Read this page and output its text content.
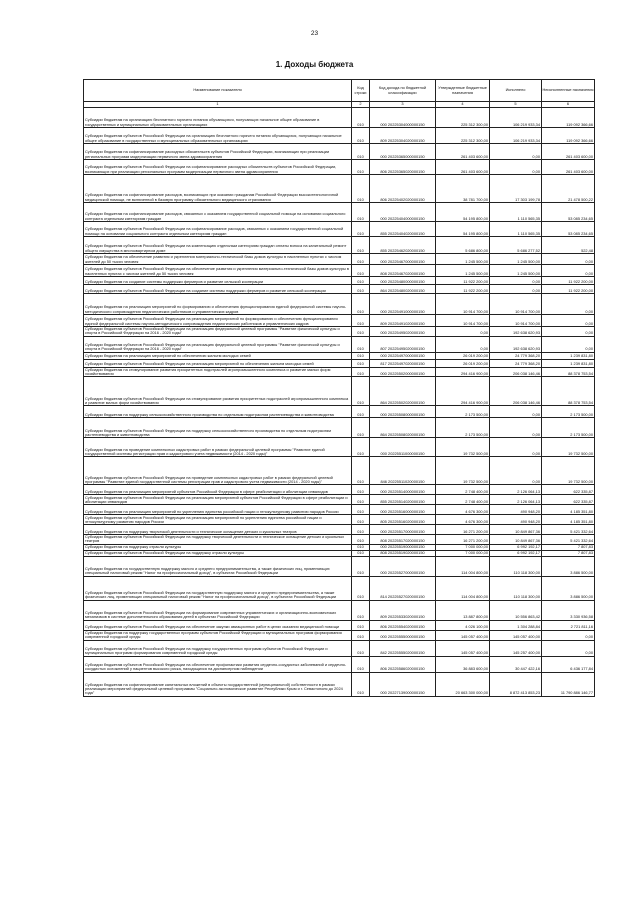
23
1. Доходы бюджета
Наименование показателя	Код строки	Код дохода по бюджетной классификации	Утвержденные бюджетные назначения	Исполнено	Неисполненные назначения
1	2	3	4	5	6
Субсидии бюджетам на организацию бесплатного горячего питания обучающихся, получающих начальное общее образование в государственных и муниципальных образовательных организациях	010	000 20225304000000150	225 312 300,00	106 219 933,34	119 092 366,66
Субсидии бюджетам субъектов Российской Федерации на организацию бесплатного горячего питания обучающихся, получающих начальное общее образование в государственных и муниципальных образовательных организациях	010	809 20225304020000150	225 312 300,00	106 219 933,34	119 092 366,66
Субсидии бюджетам на софинансирование расходных обязательств субъектов Российской Федерации, возникающих при реализации региональных программ модернизации первичного звена здравоохранения	010	000 20225365000000150	261 403 600,00	0,00	261 403 600,00
Субсидии бюджетам субъектов Российской Федерации на софинансирование расходных обязательств субъектов Российской Федерации, возникающих при реализации региональных программ модернизации первичного звена здравоохранения	010	806 20225365020000150	261 403 600,00	0,00	261 403 600,00
Субсидии бюджетам на софинансирование расходов, возникающих при оказании гражданам Российской Федерации высокотехнологичной медицинской помощи, не включенной в базовую программу обязательного медицинского страхования	010	806 20225402020000150	38 781 700,00	17 303 199,78	21 478 500,22
Субсидии бюджетам на софинансирование расходов, связанных с оказанием государственной социальной помощи на основании социального контракта отдельным категориям граждан	010	000 20225404000000150	54 195 800,00	1 110 565,35	53 085 234,65
Субсидии бюджетам субъектов Российской Федерации на софинансирование расходов, связанных с оказанием государственной социальной помощи на основании социального контракта отдельным категориям граждан	010	855 20225404020000150	54 195 800,00	1 110 565,35	53 085 234,65
Субсидии бюджетам субъектов Российской Федерации на компенсацию отдельным категориям граждан оплаты взноса на капитальный ремонт общего имущества в многоквартирном доме	010	855 20225462020000150	5 686 800,00	5 686 277,52	522,48
Субсидии бюджетам на обеспечение развития и укрепления материально-технической базы домов культуры в населенных пунктах с числом жителей до 50 тысяч человек	010	000 20225467000000150	1 245 500,00	1 245 500,00	0,00
Субсидии бюджетам субъектов Российской Федерации на обеспечение развития и укрепления материально-технической базы домов культуры в населенных пунктах с числом жителей до 50 тысяч человек	010	808 20225467020000150	1 245 500,00	1 245 500,00	0,00
Субсидии бюджетам на создание системы поддержки фермеров и развитие сельской кооперации	010	000 20225480000000150	11 922 200,00	0,00	11 922 200,00
Субсидии бюджетам субъектов Российской Федерации на создание системы поддержки фермеров и развитие сельской кооперации	010	864 20225480020000150	11 922 200,00	0,00	11 922 200,00
Субсидии бюджетам на реализацию мероприятий по формированию и обеспечению функционирования единой федеральной системы научно-методического сопровождения педагогических работников и управленческих кадров	010	000 20225491000000150	10 914 700,00	10 914 700,00	0,00
Субсидии бюджетам субъектов Российской Федерации на реализацию мероприятий по формированию и обеспечению функционирования единой федеральной системы научно-методического сопровождения педагогических работников и управленческих кадров	010	809 20225491020000150	10 914 700,00	10 914 700,00	0,00
Субсидии бюджетам субъектов Российской Федерации на реализацию федеральной целевой программы "Развитие физической культуры и спорта в Российской Федерации на 2016 - 2020 годы"	010	000 20225495020000150	0,00	192 638 620,93	0,00
Субсидии бюджетам субъектов Российской Федерации на реализацию федеральной целевой программы "Развитие физической культуры и спорта в Российской Федерации на 2016 - 2020 годы"	010	807 20225495020000150	0,00	192 638 620,93	0,00
Субсидии бюджетам на реализацию мероприятий по обеспечению жильем молодых семей	010	000 20225497000000150	26 019 200,00	24 779 368,20	1 239 831,80
Субсидии бюджетам субъектов Российской Федерации на реализацию мероприятий по обеспечению жильем молодых семей	010	817 20225497020000150	26 019 200,00	24 779 368,20	1 239 831,80
Субсидии бюджетам на стимулирование развития приоритетных подотраслей агропромышленного комплекса и развитие малых форм хозяйствования	010	000 20225502000000150	294 416 900,00	206 038 146,46	88 378 753,54
Субсидии бюджетам субъектов Российской Федерации на стимулирование развития приоритетных подотраслей агропромышленного комплекса и развитие малых форм хозяйствования	010	864 20225502020000150	294 416 900,00	206 038 146,46	88 378 753,54
Субсидии бюджетам на поддержку сельскохозяйственного производства по отдельным подотраслям растениеводства и животноводства	010	000 20225508000000150	2 173 500,00	0,00	2 173 500,00
Субсидии бюджетам субъектов Российской Федерации на поддержку сельскохозяйственного производства по отдельным подотраслям растениеводства и животноводства	010	864 20225508020000150	2 173 500,00	0,00	2 173 500,00
Субсидии бюджетам на проведение комплексных кадастровых работ в рамках федеральной целевой программы "Развитие единой государственной системы регистрации прав и кадастрового учета недвижимости (2014 - 2020 годы)"	010	000 20225511000000150	19 732 500,00	0,00	19 732 500,00
Субсидии бюджетам субъектов Российской Федерации на проведение комплексных кадастровых работ в рамках федеральной целевой программы "Развитие единой государственной системы регистрации прав и кадастрового учета недвижимости (2014 - 2020 годы)"	010	846 20225511020000150	19 732 500,00	0,00	19 732 500,00
Субсидии бюджетам на реализацию мероприятий субъектов Российской Федерации в сфере реабилитации и абилитации инвалидов	010	000 20225514000000150	2 748 400,00	2 126 064,13	622 335,87
Субсидии бюджетам субъектов Российской Федерации на реализацию мероприятий субъектов Российской Федерации в сфере реабилитации и абилитации инвалидов	010	855 20225514020000150	2 748 400,00	2 126 064,13	622 335,87
Субсидии бюджетам на реализацию мероприятий по укреплению единства российской нации и этнокультурному развитию народов России	010	000 20225516000000150	4 676 300,00	490 948,20	4 185 351,80
Субсидии бюджетам субъектов Российской Федерации на реализацию мероприятий по укреплению единства российской нации и этнокультурному развитию народов России	010	805 20225516020000150	4 676 300,00	490 948,20	4 185 351,80
Субсидии бюджетам на поддержку творческой деятельности и техническое оснащение детских и кукольных театров	010	000 20225517000000150	16 271 200,00	10 849 867,36	5 421 332,64
Субсидии бюджетам субъектов Российской Федерации на поддержку творческой деятельности и техническое оснащение детских и кукольных театров	010	808 20225517020000150	16 271 200,00	10 849 867,36	5 421 332,64
Субсидии бюджетам на поддержку отрасли культуры	010	000 20225519000000150	7 000 000,00	6 992 192,17	7 807,83
Субсидии бюджетам субъектов Российской Федерации на поддержку отрасли культуры	010	808 20225519020000150	7 000 000,00	6 992 192,17	7 807,83
Субсидии бюджетам на государственную поддержку малого и среднего предпринимательства, а также физических лиц, применяющих специальный налоговый режим "Налог на профессиональный доход", в субъектах Российской Федерации	010	000 20225527000000150	114 004 800,00	110 118 300,00	3 886 500,00
Субсидии бюджетам субъектов Российской Федерации на государственную поддержку малого и среднего предпринимательства, а также физических лиц, применяющих специальный налоговый режим "Налог на профессиональный доход", в субъектах Российской Федерации	010	814 20225527020000150	114 004 800,00	110 118 300,00	3 886 500,00
Субсидии бюджетам субъектов Российской Федерации на формирование современных управленческих и организационно-экономических механизмов в системе дополнительного образования детей в субъектах Российской Федерации	010	809 20225533020000150	13 887 800,00	10 556 863,42	3 330 936,58
Субсидии бюджетам субъектов Российской Федерации на обеспечение закупки авиационных работ в целях оказания медицинской помощи	010	806 20225554020000150	4 026 100,00	1 304 288,84	2 721 811,16
Субсидии бюджетам на поддержку государственных программ субъектов Российской Федерации и муниципальных программ формирования современной городской среды	010	000 20225555000000150	145 057 400,00	145 057 400,00	0,00
Субсидии бюджетам субъектов Российской Федерации на поддержку государственных программ субъектов Российской Федерации и муниципальных программ формирования современной городской среды	010	842 20225555020000150	145 057 400,00	145 257 400,00	0,00
Субсидии бюджетам субъектов Российской Федерации на обеспечение профилактики развития сердечно-сосудистых заболеваний и сердечно-сосудистых осложнений у пациентов высокого риска, находящихся на диспансерном наблюдении	010	806 20225586020000150	36 883 600,00	30 447 422,16	6 436 177,84
Субсидии бюджетам на софинансирование капитальных вложений в объекты государственной (муниципальной) собственности в рамках реализации мероприятий федеральной целевой программы "Социально-экономическое развитие Республики Крым и г. Севастополя до 2024 года"	010	000 20227139000000150	20 663 300 000,00	8 872 413 853,23	11 790 886 146,77
